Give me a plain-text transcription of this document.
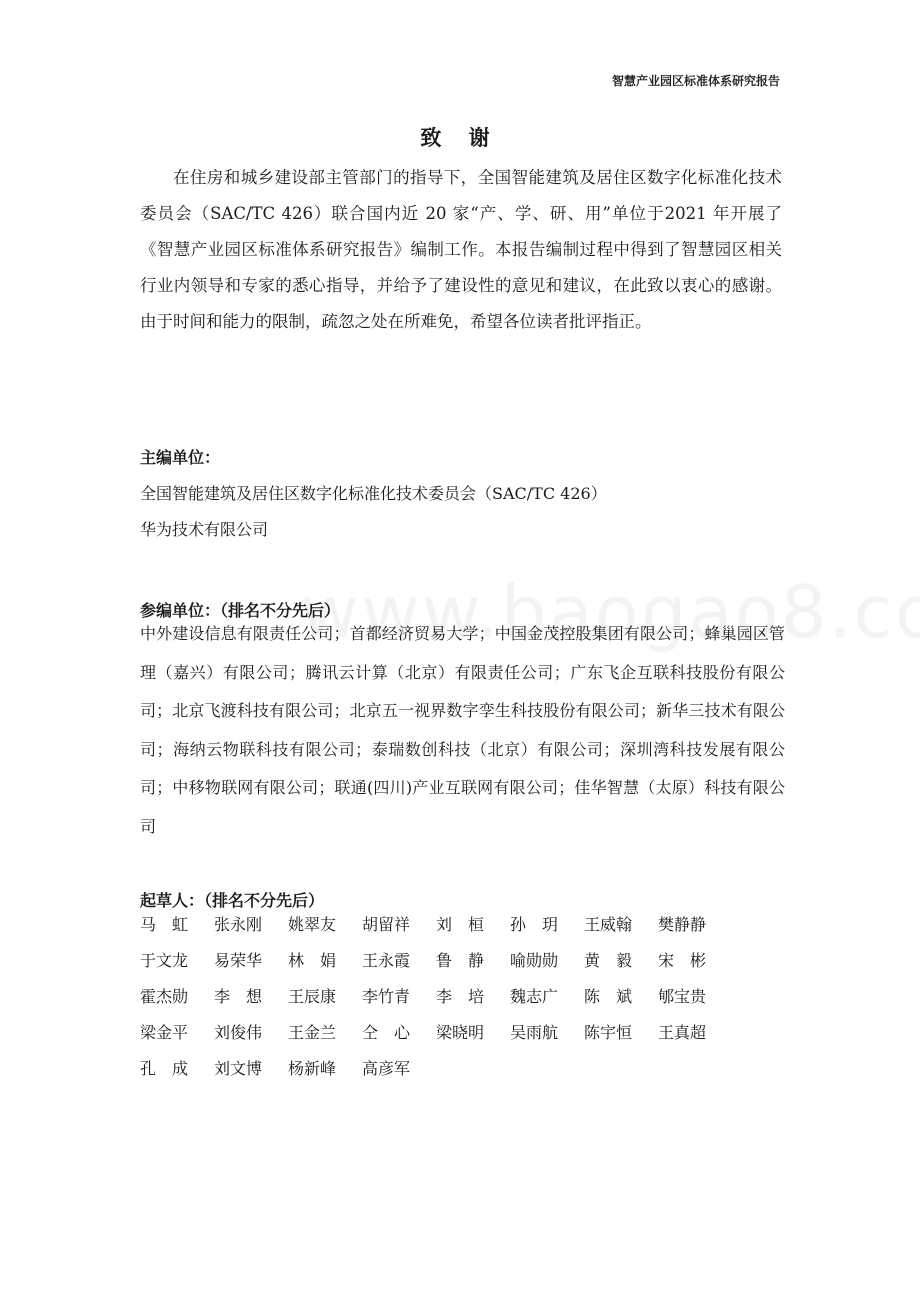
智慧产业园区标准体系研究报告
致 谢

在住房和城乡建设部主管部门的指导下，全国智能建筑及居住区数字化标准化技术委员会（SAC/TC 426）联合国内近 20 家“产、学、研、用”单位于2021 年开展了《智慧产业园区标准体系研究报告》编制工作。本报告编制过程中得到了智慧园区相关行业内领导和专家的悉心指导，并给予了建设性的意见和建议，在此致以衷心的感谢。由于时间和能力的限制，疏忽之处在所难免，希望各位读者批评指正。

主编单位：
全国智能建筑及居住区数字化标准化技术委员会（SAC/TC 426）
华为技术有限公司
参编单位：（排名不分先后）

中外建设信息有限责任公司；首都经济贸易大学；中国金茂控股集团有限公司；蜂巢园区管理（嘉兴）有限公司；腾讯云计算（北京）有限责任公司；广东飞企互联科技股份有限公司；北京飞渡科技有限公司；北京五一视界数字孪生科技股份有限公司；新华三技术有限公司；海纳云物联科技有限公司；泰瑞数创科技（北京）有限公司；深圳湾科技发展有限公司；中移物联网有限公司；联通(四川)产业互联网有限公司；佳华智慧（太原）科技有限公司

起草人：（排名不分先后）
马　虹	张永刚	姚翠友	胡留祥	刘　桓	孙　玥	王威翰	樊静静
于文龙	易荣华	林　娟	王永霞	鲁　静	喻勋勋	黄　毅	宋　彬
霍杰勋	李　想	王辰康	李竹青	李　培	魏志广	陈　斌	郇宝贵
梁金平	刘俊伟	王金兰	仝　心	梁晓明	吴雨航	陈宇恒	王真超
孔　成	刘文博	杨新峰	高彦军
